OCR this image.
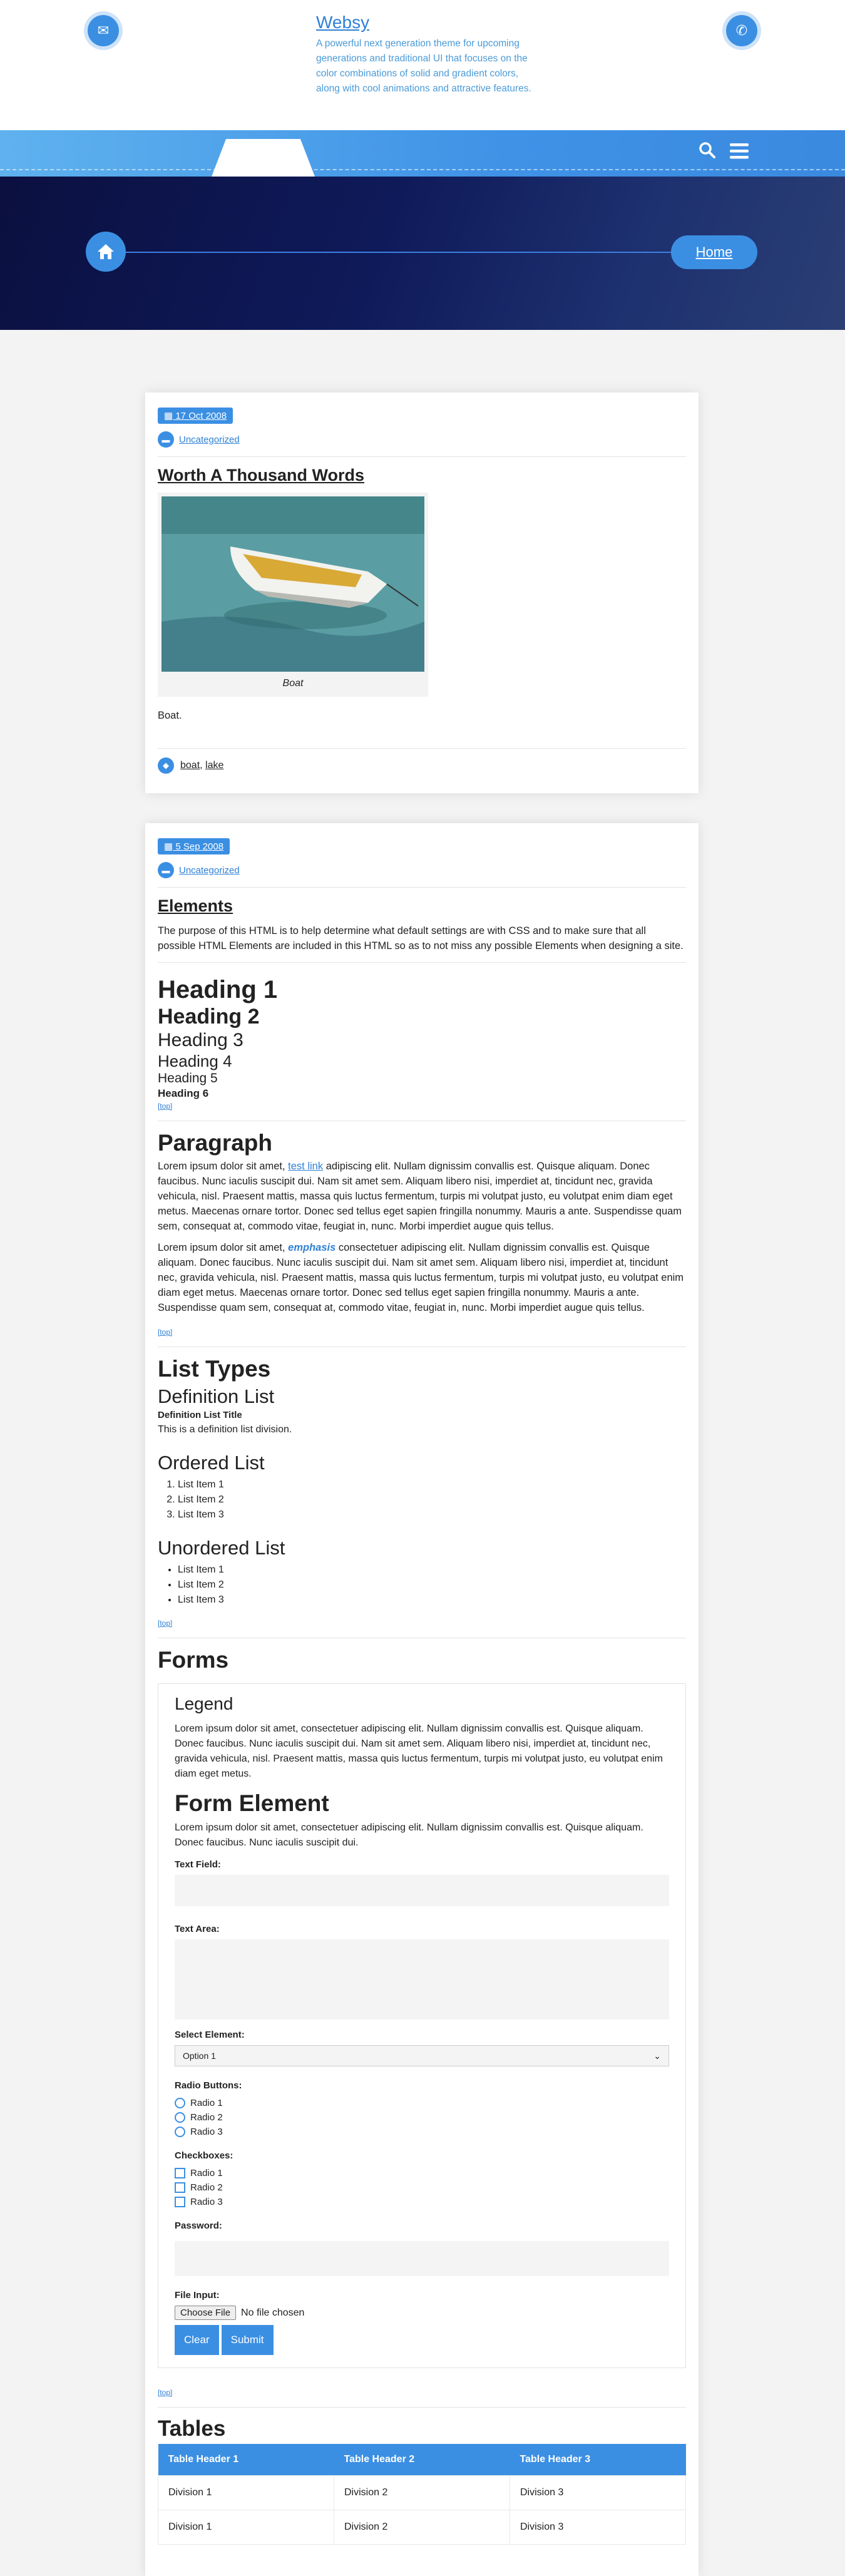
✉	Websy
A powerful next generation theme for upcoming generations and traditional UI that focuses on the color combinations of solid and gradient colors, along with cool animations and attractive features.
✆
Home
▦ 17 Oct 2008
▬ Uncategorized
Worth A Thousand Words
Boat
Boat.
◆	boat, lake
▦ 5 Sep 2008
▬ Uncategorized
Elements
The purpose of this HTML is to help determine what default settings are with CSS and to make sure that all possible HTML Elements are included in this HTML so as to not miss any possible Elements when designing a site.
Heading 1
Heading 2
Heading 3
Heading 4
Heading 5
Heading 6
[top]
Paragraph

Lorem ipsum dolor sit amet, test link adipiscing elit. Nullam dignissim convallis est. Quisque aliquam. Donec faucibus. Nunc iaculis suscipit dui. Nam sit amet sem. Aliquam libero nisi, imperdiet at, tincidunt nec, gravida vehicula, nisl. Praesent mattis, massa quis luctus fermentum, turpis mi volutpat justo, eu volutpat enim diam eget metus. Maecenas ornare tortor. Donec sed tellus eget sapien fringilla nonummy. Mauris a ante. Suspendisse quam sem, consequat at, commodo vitae, feugiat in, nunc. Morbi imperdiet augue quis tellus.

Lorem ipsum dolor sit amet, emphasis consectetuer adipiscing elit. Nullam dignissim convallis est. Quisque aliquam. Donec faucibus. Nunc iaculis suscipit dui. Nam sit amet sem. Aliquam libero nisi, imperdiet at, tincidunt nec, gravida vehicula, nisl. Praesent mattis, massa quis luctus fermentum, turpis mi volutpat justo, eu volutpat enim diam eget metus. Maecenas ornare tortor. Donec sed tellus eget sapien fringilla nonummy. Mauris a ante. Suspendisse quam sem, consequat at, commodo vitae, feugiat in, nunc. Morbi imperdiet augue quis tellus.

[top]
List Types
Definition List
Definition List Title
This is a definition list division.
Ordered List
1. List Item 1
2. List Item 2
3. List Item 3
Unordered List
• List Item 1
• List Item 2
• List Item 3
[top]
Forms
Legend
Lorem ipsum dolor sit amet, consectetuer adipiscing elit. Nullam dignissim convallis est. Quisque aliquam. Donec faucibus. Nunc iaculis suscipit dui. Nam sit amet sem. Aliquam libero nisi, imperdiet at, tincidunt nec, gravida vehicula, nisl. Praesent mattis, massa quis luctus fermentum, turpis mi volutpat justo, eu volutpat enim diam eget metus.
Form Element
Lorem ipsum dolor sit amet, consectetuer adipiscing elit. Nullam dignissim convallis est. Quisque aliquam. Donec faucibus. Nunc iaculis suscipit dui.
Text Field:
Text Area:
Select Element:
Option 1	⌄
Radio Buttons:
Radio 1
Radio 2
Radio 3
Checkboxes:
Radio 1
Radio 2
Radio 3
Password:
File Input:
Choose File	No file chosen
Clear Submit
[top]
Tables
Table Header 1	Table Header 2	Table Header 3
Division 1	Division 2	Division 3
Division 1	Division 2	Division 3
